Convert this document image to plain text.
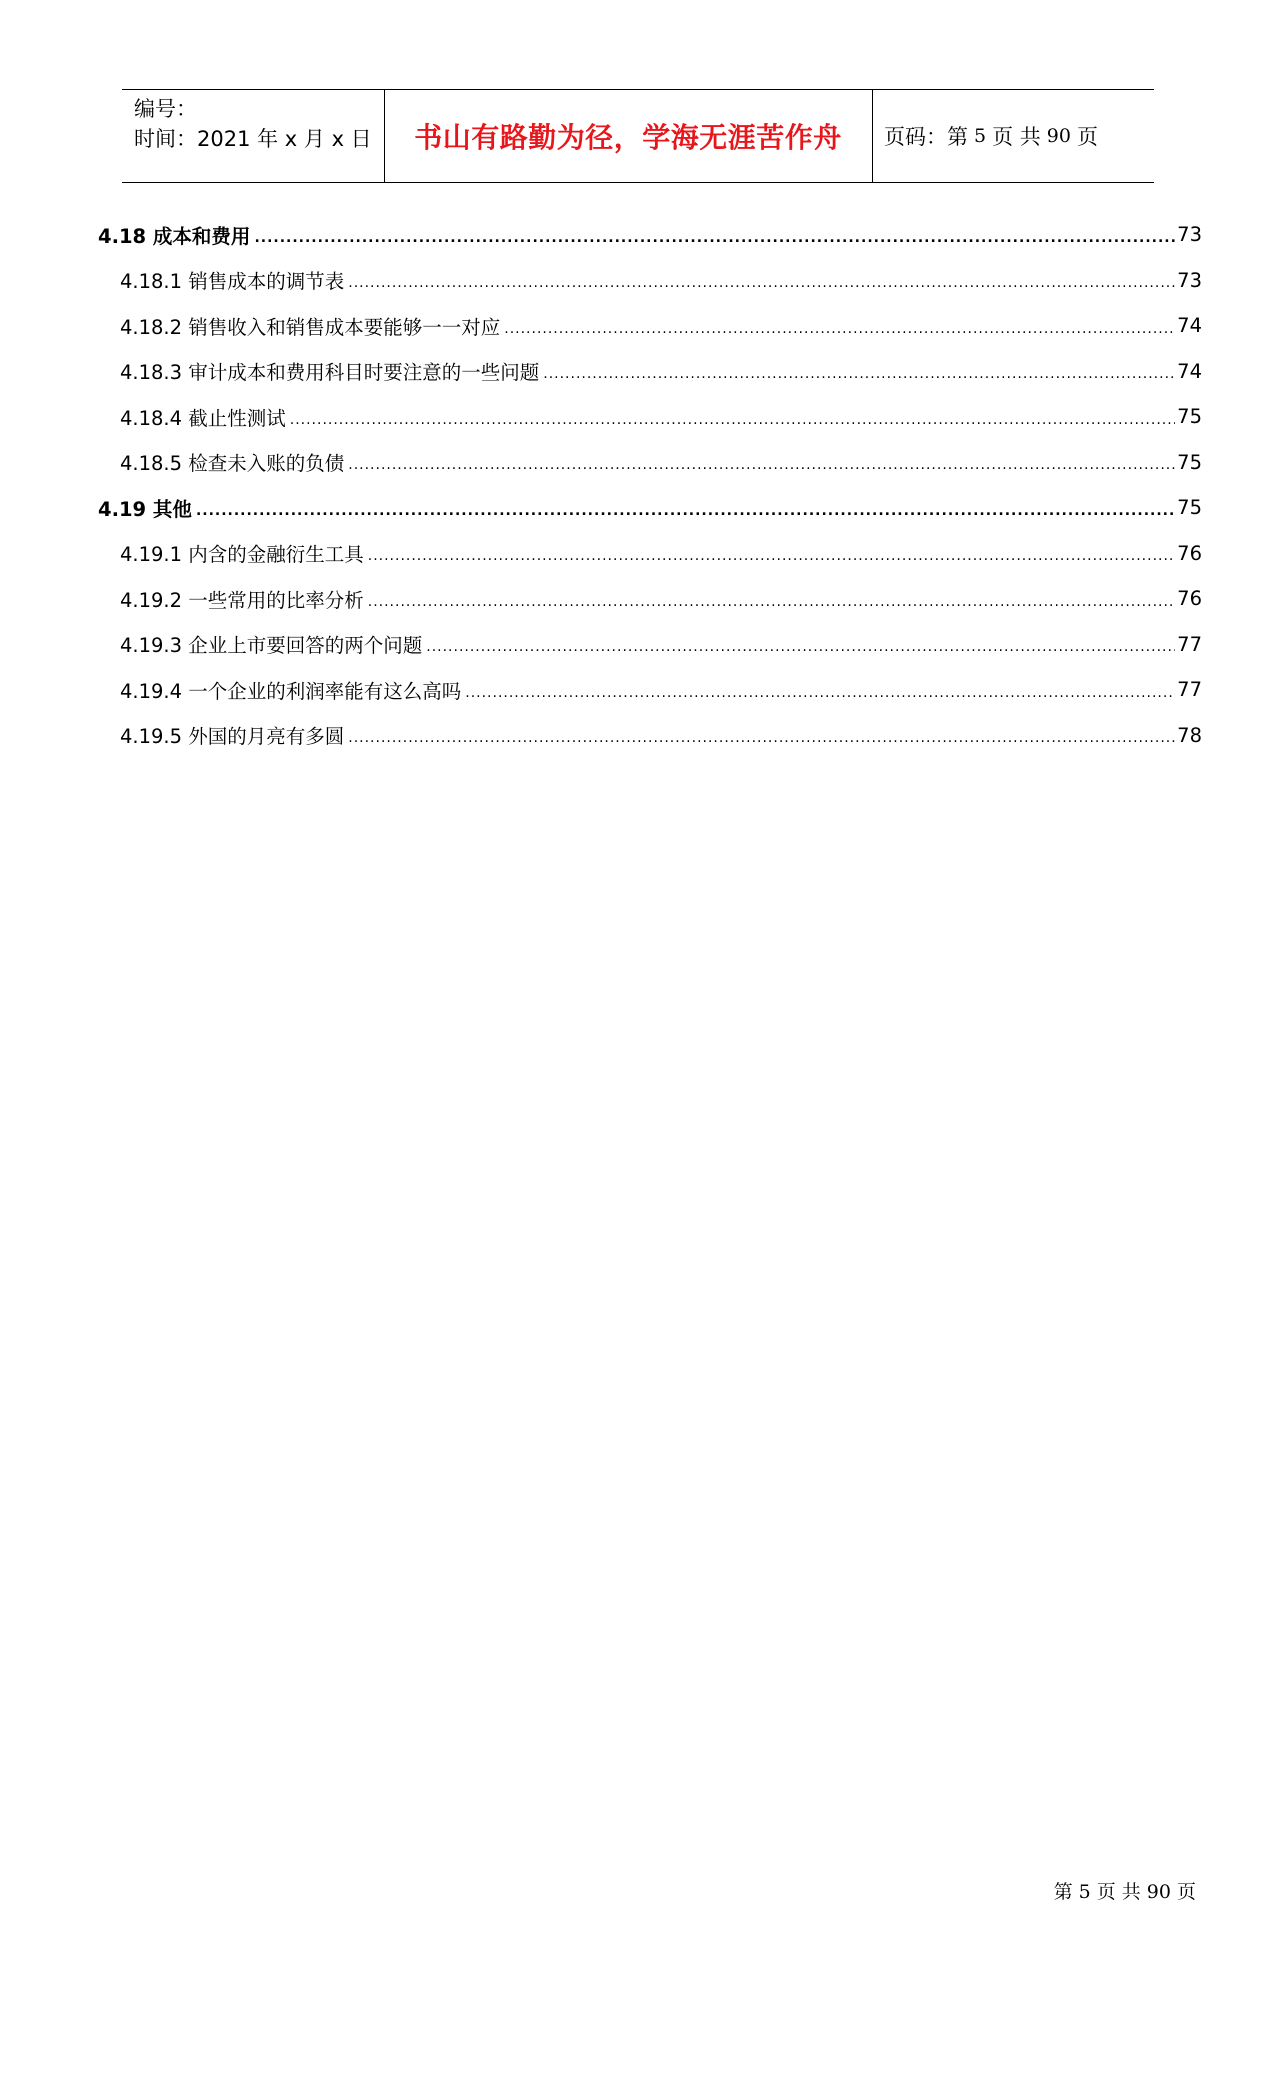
编号：
时间：2021 年 x 月 x 日	书山有路勤为径，学海无涯苦作舟	页码：第 5 页 共 90 页
4.18 成本和费用 .....	73
4.18.1 销售成本的调节表 .....	73
4.18.2 销售收入和销售成本要能够一一对应 .....	74
4.18.3 审计成本和费用科目时要注意的一些问题 .....	74
4.18.4 截止性测试 .....	75
4.18.5 检查未入账的负债 .....	75
4.19 其他 .....	75
4.19.1 内含的金融衍生工具 .....	76
4.19.2 一些常用的比率分析 .....	76
4.19.3 企业上市要回答的两个问题 .....	77
4.19.4 一个企业的利润率能有这么高吗 .....	77
4.19.5 外国的月亮有多圆 .....	78
第 5 页 共 90 页
